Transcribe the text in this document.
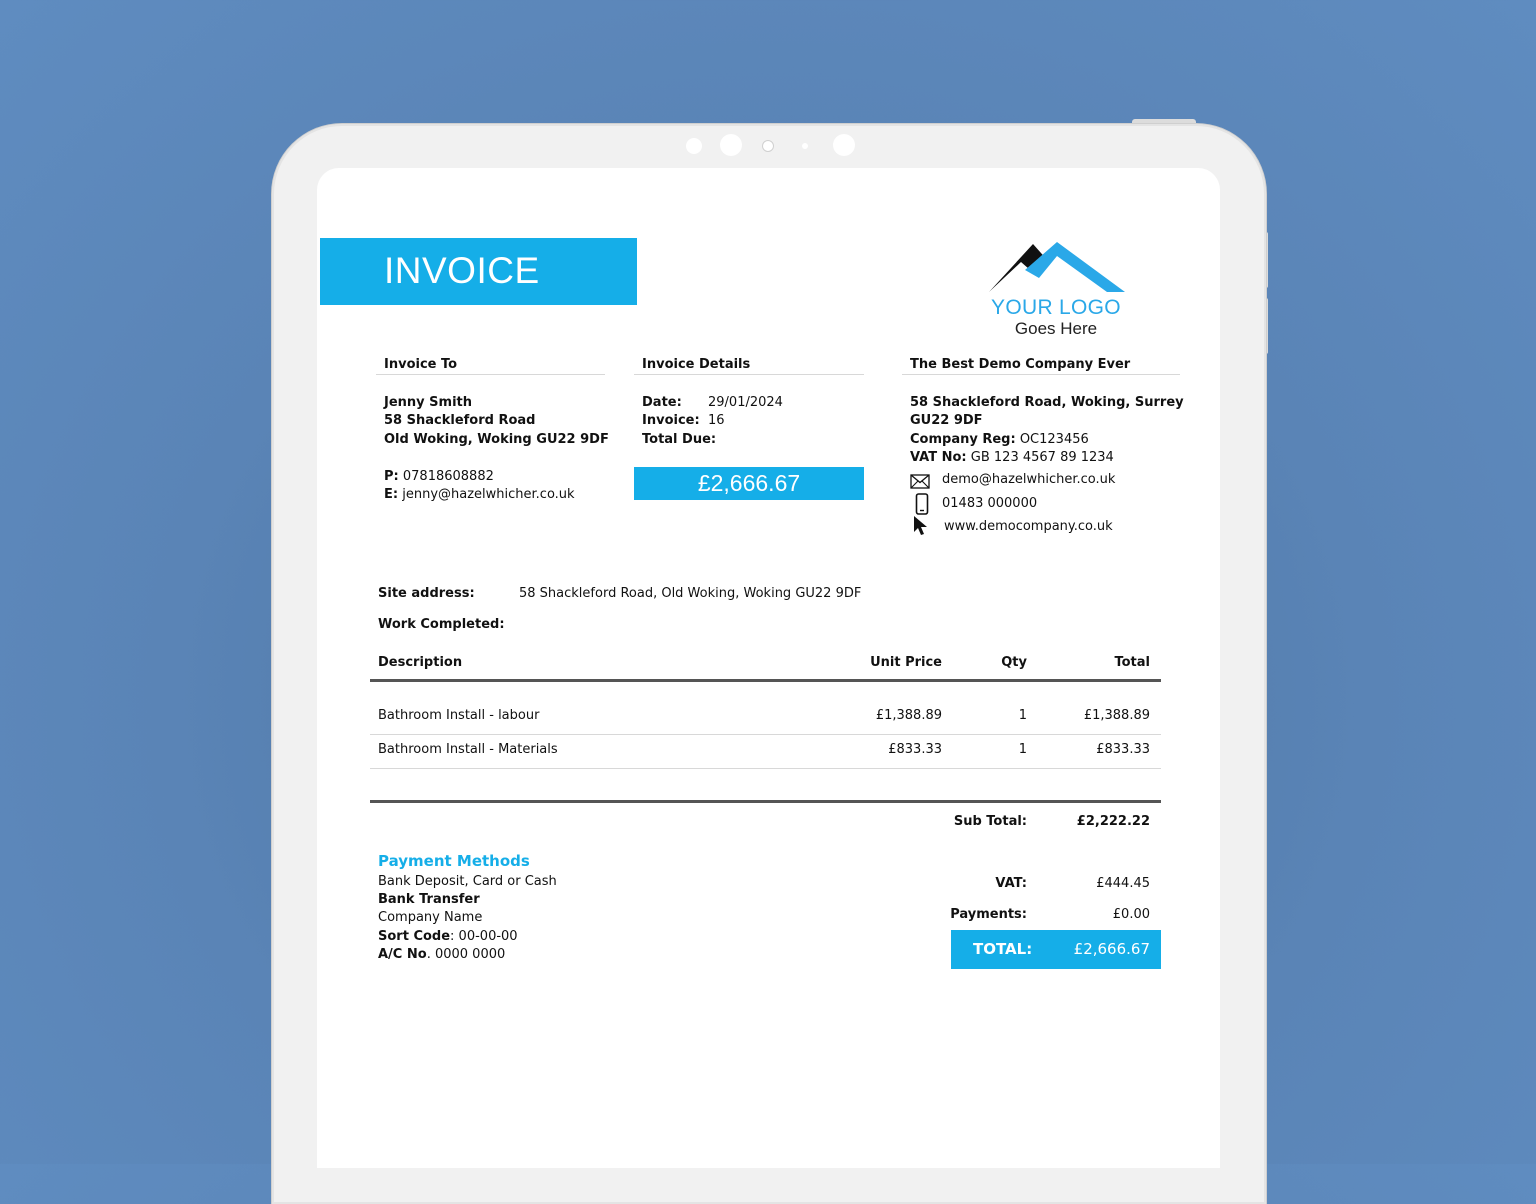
INVOICE
YOUR LOGO
Goes Here
Invoice To
Jenny Smith
58 Shackleford Road
Old Woking, Woking GU22 9DF
P: 07818608882
E: jenny@hazelwhicher.co.uk
Invoice Details
Date: 29/01/2024
Invoice: 16
Total Due:
£2,666.67
The Best Demo Company Ever
58 Shackleford Road, Woking, Surrey
GU22 9DF
Company Reg: OC123456
VAT No: GB 123 4567 89 1234
demo@hazelwhicher.co.uk
01483 000000
www.democompany.co.uk
Site address:	58 Shackleford Road, Old Woking, Woking GU22 9DF
Work Completed:
Description	Unit Price	Qty	Total
Bathroom Install - labour	£1,388.89	1	£1,388.89
Bathroom Install - Materials	£833.33	1	£833.33
Sub Total:	£2,222.22
VAT:	£444.45
Payments:	£0.00
TOTAL:	£2,666.67
Payment Methods
Bank Deposit, Card or Cash
Bank Transfer
Company Name
Sort Code: 00-00-00
A/C No. 0000 0000
